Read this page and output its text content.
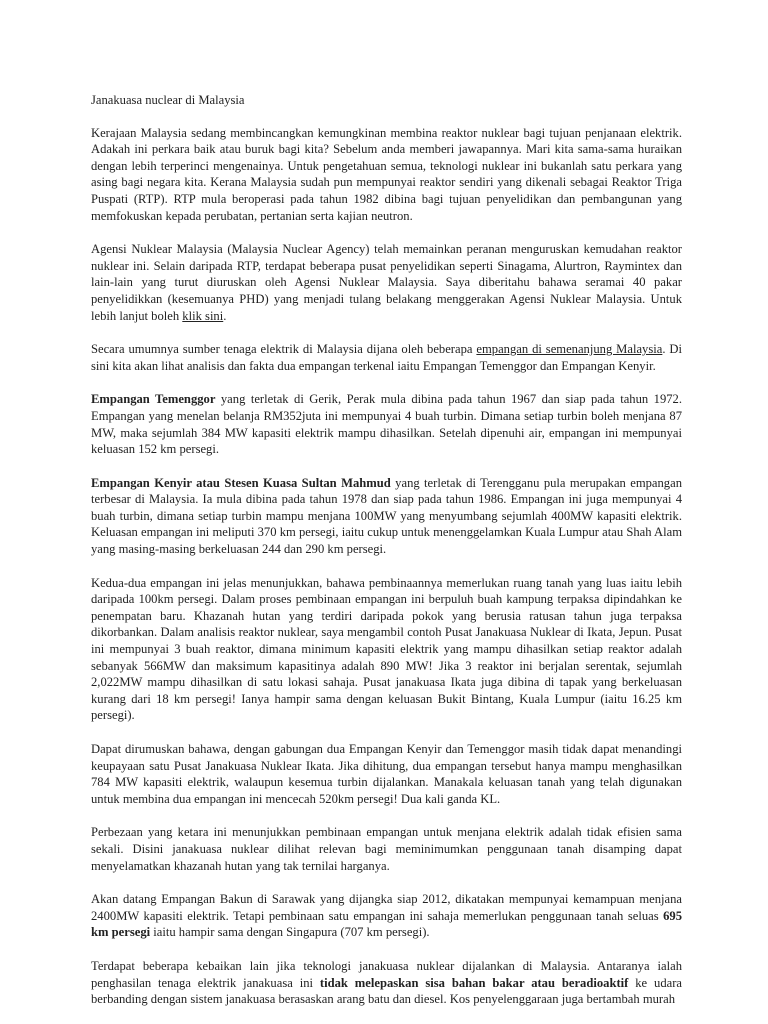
Janakuasa nuclear di Malaysia

Kerajaan Malaysia sedang membincangkan kemungkinan membina reaktor nuklear bagi tujuan penjanaan elektrik. Adakah ini perkara baik atau buruk bagi kita? Sebelum anda memberi jawapannya. Mari kita sama-sama huraikan dengan lebih terperinci mengenainya. Untuk pengetahuan semua, teknologi nuklear ini bukanlah satu perkara yang asing bagi negara kita. Kerana Malaysia sudah pun mempunyai reaktor sendiri yang dikenali sebagai Reaktor Triga Puspati (RTP). RTP mula beroperasi pada tahun 1982 dibina bagi tujuan penyelidikan dan pembangunan yang memfokuskan kepada perubatan, pertanian serta kajian neutron.

Agensi Nuklear Malaysia (Malaysia Nuclear Agency) telah memainkan peranan menguruskan kemudahan reaktor nuklear ini. Selain daripada RTP, terdapat beberapa pusat penyelidikan seperti Sinagama, Alurtron, Raymintex dan lain-lain yang turut diuruskan oleh Agensi Nuklear Malaysia. Saya diberitahu bahawa seramai 40 pakar penyelidikkan (kesemuanya PHD) yang menjadi tulang belakang menggerakan Agensi Nuklear Malaysia. Untuk lebih lanjut boleh klik sini.

Secara umumnya sumber tenaga elektrik di Malaysia dijana oleh beberapa empangan di semenanjung Malaysia. Di sini kita akan lihat analisis dan fakta dua empangan terkenal iaitu Empangan Temenggor dan Empangan Kenyir.

Empangan Temenggor yang terletak di Gerik, Perak mula dibina pada tahun 1967 dan siap pada tahun 1972. Empangan yang menelan belanja RM352juta ini mempunyai 4 buah turbin. Dimana setiap turbin boleh menjana 87 MW, maka sejumlah 384 MW kapasiti elektrik mampu dihasilkan. Setelah dipenuhi air, empangan ini mempunyai keluasan 152 km persegi.

Empangan Kenyir atau Stesen Kuasa Sultan Mahmud yang terletak di Terengganu pula merupakan empangan terbesar di Malaysia. Ia mula dibina pada tahun 1978 dan siap pada tahun 1986. Empangan ini juga mempunyai 4 buah turbin, dimana setiap turbin mampu menjana 100MW yang menyumbang sejumlah 400MW kapasiti elektrik. Keluasan empangan ini meliputi 370 km persegi, iaitu cukup untuk menenggelamkan Kuala Lumpur atau Shah Alam yang masing-masing berkeluasan 244 dan 290 km persegi.

Kedua-dua empangan ini jelas menunjukkan, bahawa pembinaannya memerlukan ruang tanah yang luas iaitu lebih daripada 100km persegi. Dalam proses pembinaan empangan ini berpuluh buah kampung terpaksa dipindahkan ke penempatan baru. Khazanah hutan yang terdiri daripada pokok yang berusia ratusan tahun juga terpaksa dikorbankan. Dalam analisis reaktor nuklear, saya mengambil contoh Pusat Janakuasa Nuklear di Ikata, Jepun. Pusat ini mempunyai 3 buah reaktor, dimana minimum kapasiti elektrik yang mampu dihasilkan setiap reaktor adalah sebanyak 566MW dan maksimum kapasitinya adalah 890 MW! Jika 3 reaktor ini berjalan serentak, sejumlah 2,022MW mampu dihasilkan di satu lokasi sahaja. Pusat janakuasa Ikata juga dibina di tapak yang berkeluasan kurang dari 18 km persegi! Ianya hampir sama dengan keluasan Bukit Bintang, Kuala Lumpur (iaitu 16.25 km persegi).

Dapat dirumuskan bahawa, dengan gabungan dua Empangan Kenyir dan Temenggor masih tidak dapat menandingi keupayaan satu Pusat Janakuasa Nuklear Ikata. Jika dihitung, dua empangan tersebut hanya mampu menghasilkan 784 MW kapasiti elektrik, walaupun kesemua turbin dijalankan. Manakala keluasan tanah yang telah digunakan untuk membina dua empangan ini mencecah 520km persegi! Dua kali ganda KL.

Perbezaan yang ketara ini menunjukkan pembinaan empangan untuk menjana elektrik adalah tidak efisien sama sekali. Disini janakuasa nuklear dilihat relevan bagi meminimumkan penggunaan tanah disamping dapat menyelamatkan khazanah hutan yang tak ternilai harganya.

Akan datang Empangan Bakun di Sarawak yang dijangka siap 2012, dikatakan mempunyai kemampuan menjana 2400MW kapasiti elektrik. Tetapi pembinaan satu empangan ini sahaja memerlukan penggunaan tanah seluas 695 km persegi iaitu hampir sama dengan Singapura (707 km persegi).

Terdapat beberapa kebaikan lain jika teknologi janakuasa nuklear dijalankan di Malaysia. Antaranya ialah penghasilan tenaga elektrik janakuasa ini tidak melepaskan sisa bahan bakar atau beradioaktif ke udara berbanding dengan sistem janakuasa berasaskan arang batu dan diesel. Kos penyelenggaraan juga bertambah murah
